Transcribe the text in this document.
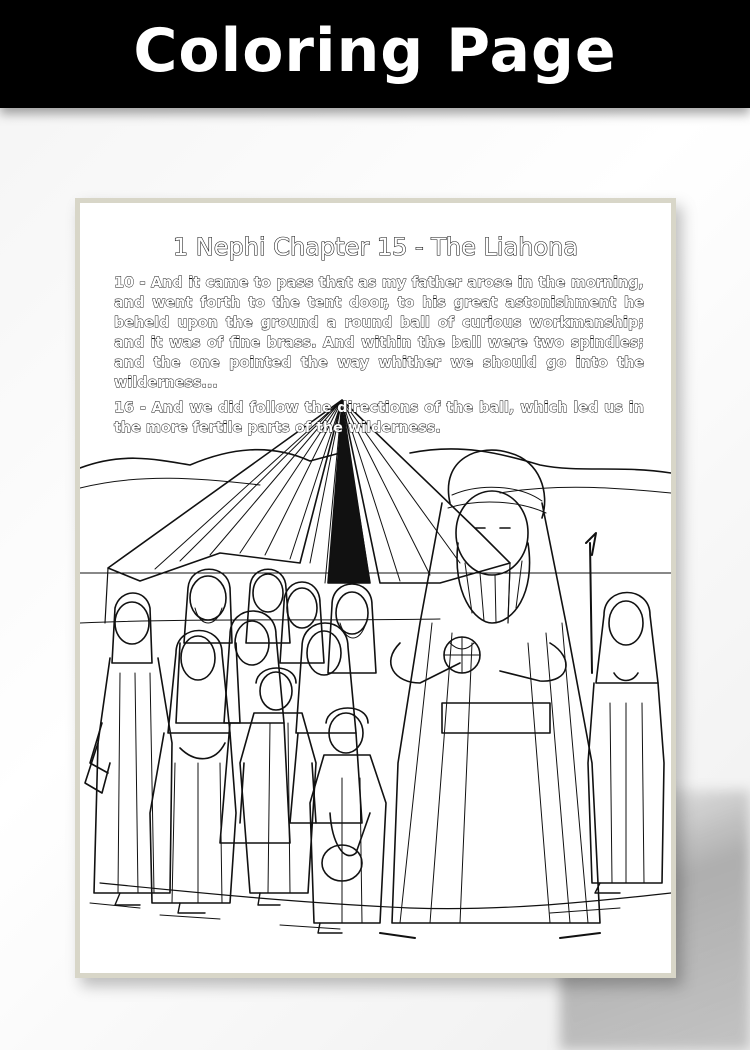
Coloring Page
1 Nephi Chapter 15 - The Liahona
10 - And it came to pass that as my father arose in the morning, and went forth to the tent door, to his great astonishment he beheld upon the ground a round ball of curious workmanship; and it was of fine brass. And within the ball were two spindles; and the one pointed the way whither we should go into the wilderness...
16 - And we did follow the directions of the ball, which led us in the more fertile parts of the wilderness.
